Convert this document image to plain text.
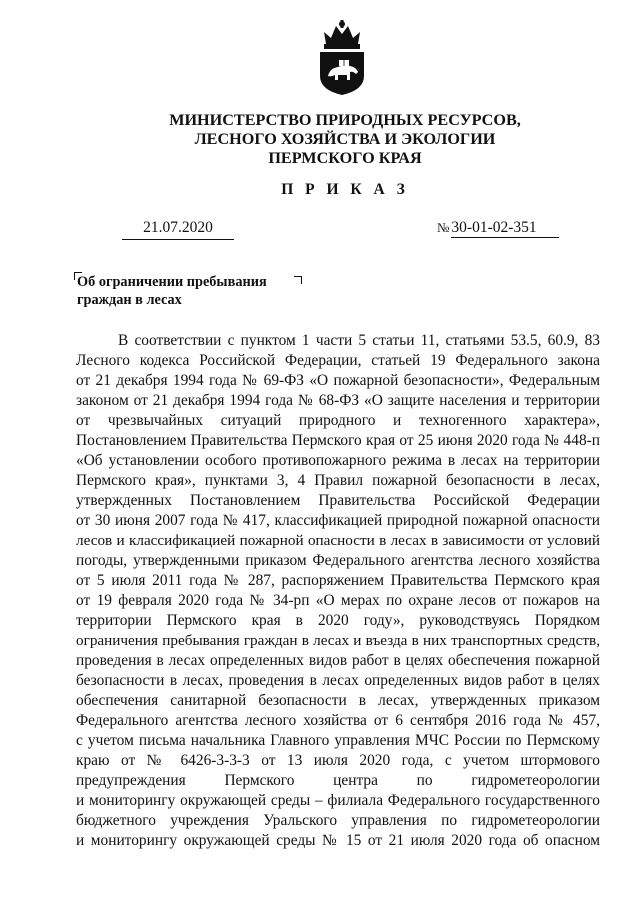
МИНИСТЕРСТВО ПРИРОДНЫХ РЕСУРСОВ,

ЛЕСНОГО ХОЗЯЙСТВА И ЭКОЛОГИИ

ПЕРМСКОГО КРАЯ

П Р И К А З
21.07.2020	№ 30-01-02-351
Об ограничении пребывания
граждан в лесах
В соответствии с пунктом 1 части 5 статьи 11, статьями 53.5, 60.9, 83
Лесного кодекса Российской Федерации, статьей 19 Федерального закона
от 21 декабря 1994 года № 69-ФЗ «О пожарной безопасности», Федеральным
законом от 21 декабря 1994 года № 68-ФЗ «О защите населения и территории
от чрезвычайных ситуаций природного и техногенного характера»,
Постановлением Правительства Пермского края от 25 июня 2020 года № 448-п
«Об установлении особого противопожарного режима в лесах на территории
Пермского края», пунктами 3, 4 Правил пожарной безопасности в лесах,
утвержденных Постановлением Правительства Российской Федерации
от 30 июня 2007 года № 417, классификацией природной пожарной опасности
лесов и классификацией пожарной опасности в лесах в зависимости от условий
погоды, утвержденными приказом Федерального агентства лесного хозяйства
от 5 июля 2011 года № 287, распоряжением Правительства Пермского края
от 19 февраля 2020 года № 34-рп «О мерах по охране лесов от пожаров на
территории Пермского края в 2020 году», руководствуясь Порядком
ограничения пребывания граждан в лесах и въезда в них транспортных средств,
проведения в лесах определенных видов работ в целях обеспечения пожарной
безопасности в лесах, проведения в лесах определенных видов работ в целях
обеспечения санитарной безопасности в лесах, утвержденных приказом
Федерального агентства лесного хозяйства от 6 сентября 2016 года № 457,
с учетом письма начальника Главного управления МЧС России по Пермскому
краю от № 6426-3-3-3 от 13 июля 2020 года, с учетом штормового
предупреждения Пермского центра по гидрометеорологии
и мониторингу окружающей среды – филиала Федерального государственного
бюджетного учреждения Уральского управления по гидрометеорологии
и мониторингу окружающей среды № 15 от 21 июля 2020 года об опасном
